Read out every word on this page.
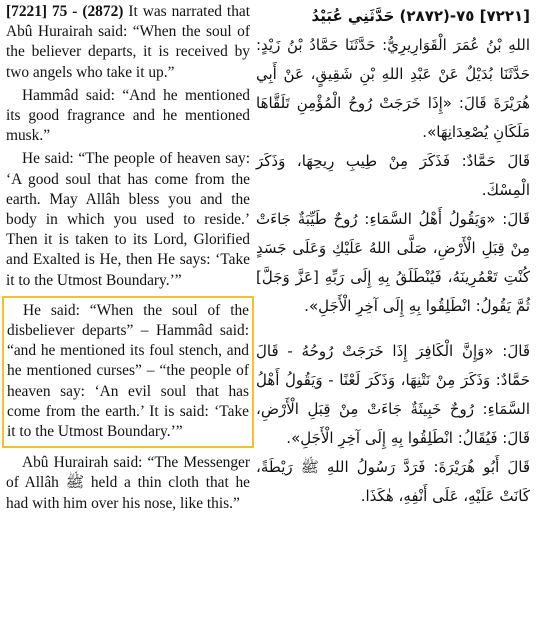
[7221] 75 - (2872) It was narrated that Abû Hurairah said: “When the soul of the believer departs, it is received by two angels who take it up.”

Hammâd said: “And he mentioned its good fragrance and he mentioned musk.”

He said: “The people of heaven say: ‘A good soul that has come from the earth. May Allâh bless you and the body in which you used to reside.’ Then it is taken to its Lord, Glorified and Exalted is He, then He says: ‘Take it to the Utmost Boundary.’”

He said: “When the soul of the disbeliever departs” – Hammâd said: “and he mentioned its foul stench, and he mentioned curses” – “the people of heaven say: ‘An evil soul that has come from the earth.’ It is said: ‘Take it to the Utmost Boundary.’”

Abû Hurairah said: “The Messenger of Allâh ﷺ held a thin cloth that he had with him over his nose, like this.”

[٧٢٢١] ٧٥-(٢٨٧٢) حَدَّثَنِي عُبَيْدُ

اللهِ بْنُ عُمَرَ الْقَوَارِيرِيُّ: حَدَّثَنَا حَمَّادُ بْنُ زَيْدٍ: حَدَّثَنَا بُدَيْلٌ عَنْ عَبْدِ اللهِ بْنِ شَقِيقٍ، عَنْ أَبِي هُرَيْرَةَ قَالَ: «إِذَا خَرَجَتْ رُوحُ الْمُؤْمِنِ تَلَقَّاهَا مَلَكَانِ يُصْعِدَانِهَا».

قَالَ حَمَّادٌ: فَذَكَرَ مِنْ طِيبِ رِيحِهَا، وَذَكَرَ الْمِسْكَ.

قَالَ: «وَيَقُولُ أَهْلُ السَّمَاءِ: رُوحٌ طَيِّبَةٌ جَاءَتْ مِنْ قِبَلِ الْأَرْضِ، صَلَّى اللهُ عَلَيْكِ وَعَلَى جَسَدٍ كُنْتِ تَعْمُرِينَهُ، فَيُنْطَلَقُ بِهِ إِلَى رَبِّهِ [عَزَّ وَجَلَّ] ثُمَّ يَقُولُ: انْطَلِقُوا بِهِ إِلَى آخِرِ الْأَجَلِ».

قَالَ: «وَإِنَّ الْكَافِرَ إِذَا خَرَجَتْ رُوحُهُ - قَالَ حَمَّادٌ: وَذَكَرَ مِنْ نَتْنِهَا، وَذَكَرَ لَعْنًا - وَيَقُولُ أَهْلُ السَّمَاءِ: رُوحٌ خَبِيثَةٌ جَاءَتْ مِنْ قِبَلِ الْأَرْضِ، قَالَ: فَيُقَالُ: انْطَلِقُوا بِهِ إِلَى آخِرِ الْأَجَلِ».

قَالَ أَبُو هُرَيْرَةَ: فَرَدَّ رَسُولُ اللهِ ﷺ رَيْطَةً، كَانَتْ عَلَيْهِ، عَلَى أَنْفِهِ، هٰكَذَا.
